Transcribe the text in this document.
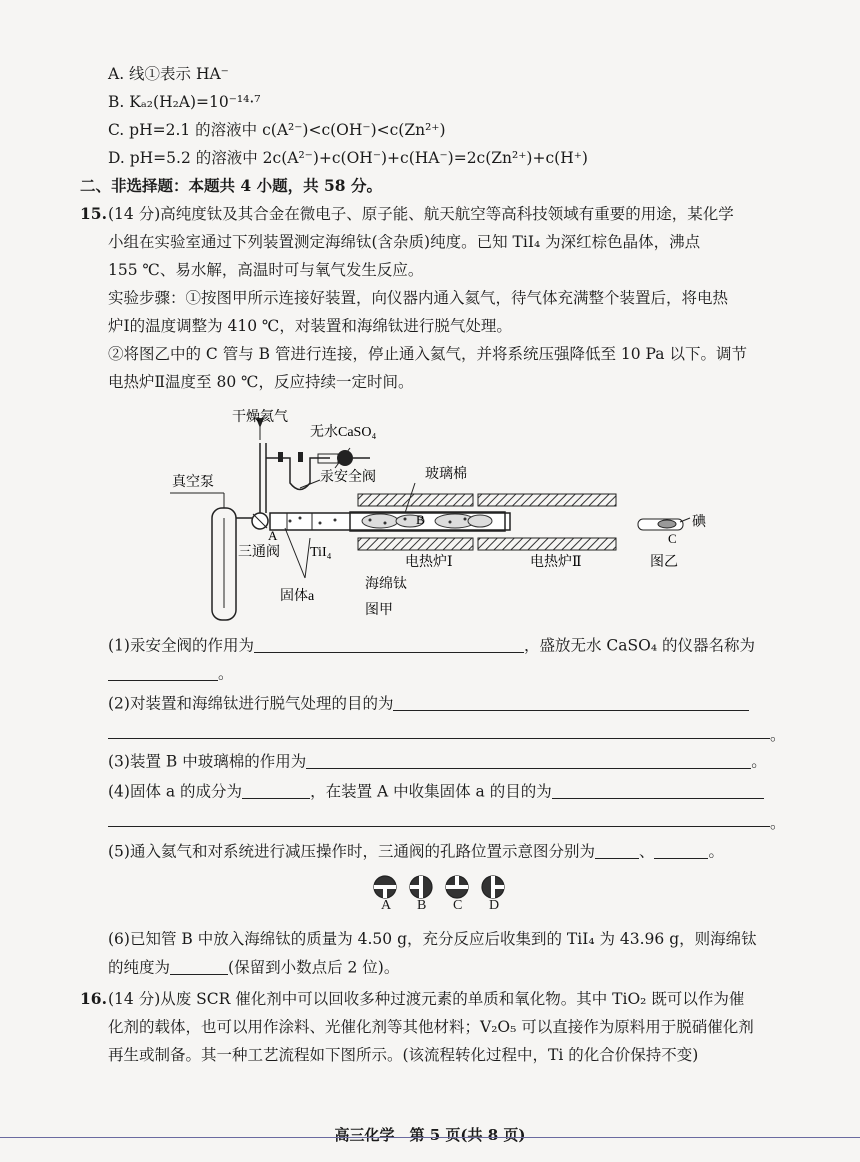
A. 线①表示 HA⁻
B. Kₐ₂(H₂A)=10⁻¹⁴·⁷
C. pH=2.1 的溶液中 c(A²⁻)<c(OH⁻)<c(Zn²⁺)
D. pH=5.2 的溶液中 2c(A²⁻)+c(OH⁻)+c(HA⁻)=2c(Zn²⁺)+c(H⁺)
二、非选择题：本题共 4 小题，共 58 分。
15. (14 分)高纯度钛及其合金在微电子、原子能、航天航空等高科技领域有重要的用途，某化学
小组在实验室通过下列装置测定海绵钛(含杂质)纯度。已知 TiI₄ 为深红棕色晶体，沸点
155 ℃、易水解，高温时可与氧气发生反应。
实验步骤：①按图甲所示连接好装置，向仪器内通入氦气，待气体充满整个装置后，将电热
炉Ⅰ的温度调整为 410 ℃，对装置和海绵钛进行脱气处理。
②将图乙中的 C 管与 B 管进行连接，停止通入氦气，并将系统压强降低至 10 Pa 以下。调节
电热炉Ⅱ温度至 80 ℃，反应持续一定时间。
干燥氦气
无水CaSO₄
汞安全阀
真空泵
玻璃棉
A
B
三通阀 TiI₄
电热炉Ⅰ	电热炉Ⅱ
海绵钛
固体a
图甲
图乙
C
碘
(1)汞安全阀的作用为	，盛放无水 CaSO₄ 的仪器名称为
。
(2)对装置和海绵钛进行脱气处理的目的为
。
(3)装置 B 中玻璃棉的作用为	。
(4)固体 a 的成分为	，在装置 A 中收集固体 a 的目的为
。
(5)通入氦气和对系统进行减压操作时，三通阀的孔路位置示意图分别为	、	。
A B C D
(6)已知管 B 中放入海绵钛的质量为 4.50 g，充分反应后收集到的 TiI₄ 为 43.96 g，则海绵钛
的纯度为	(保留到小数点后 2 位)。
16. (14 分)从废 SCR 催化剂中可以回收多种过渡元素的单质和氧化物。其中 TiO₂ 既可以作为催
化剂的载体，也可以用作涂料、光催化剂等其他材料；V₂O₅ 可以直接作为原料用于脱硝催化剂
再生或制备。其一种工艺流程如下图所示。(该流程转化过程中，Ti 的化合价保持不变)
高三化学　第 5 页(共 8 页)
